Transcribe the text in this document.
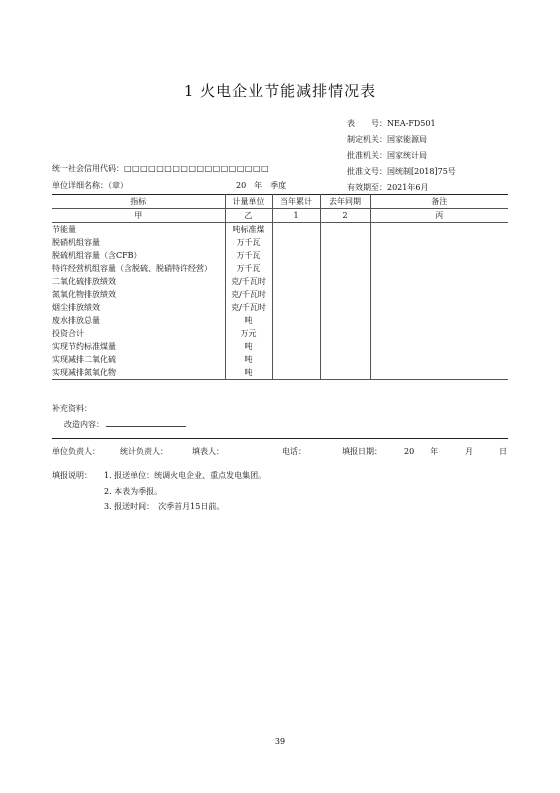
1 火电企业节能减排情况表
表　　号：NEA-FD501
制定机关：国家能源局
批准机关：国家统计局
批准文号：国统制[2018]75号
有效期至：2021年6月
统一社会信用代码：□□□□□□□□□□□□□□□□□□
单位详细名称：（章）	20　年　季度
指标	计量单位	当年累计	去年同期	备注
甲	乙	1	2	丙
节能量	吨标准煤			
脱硝机组容量	万千瓦			
脱硫机组容量（含CFB）	万千瓦			
特许经营机组容量（含脱硫、脱硝特许经营）	万千瓦			
二氧化硫排放绩效	克/千瓦时			
氮氧化物排放绩效	克/千瓦时			
烟尘排放绩效	克/千瓦时			
废水排放总量	吨			
投资合计	万元			
实现节约标准煤量	吨			
实现减排二氧化硫	吨			
实现减排氮氧化物	吨			
补充资料：
改造内容：
单位负责人：	统计负责人：	填表人：	电话：	填报日期：	20　　年	月	日
填报说明： 1. 报送单位：统调火电企业、重点发电集团。
2. 本表为季报。
3. 报送时间：　次季首月15日前。
39
